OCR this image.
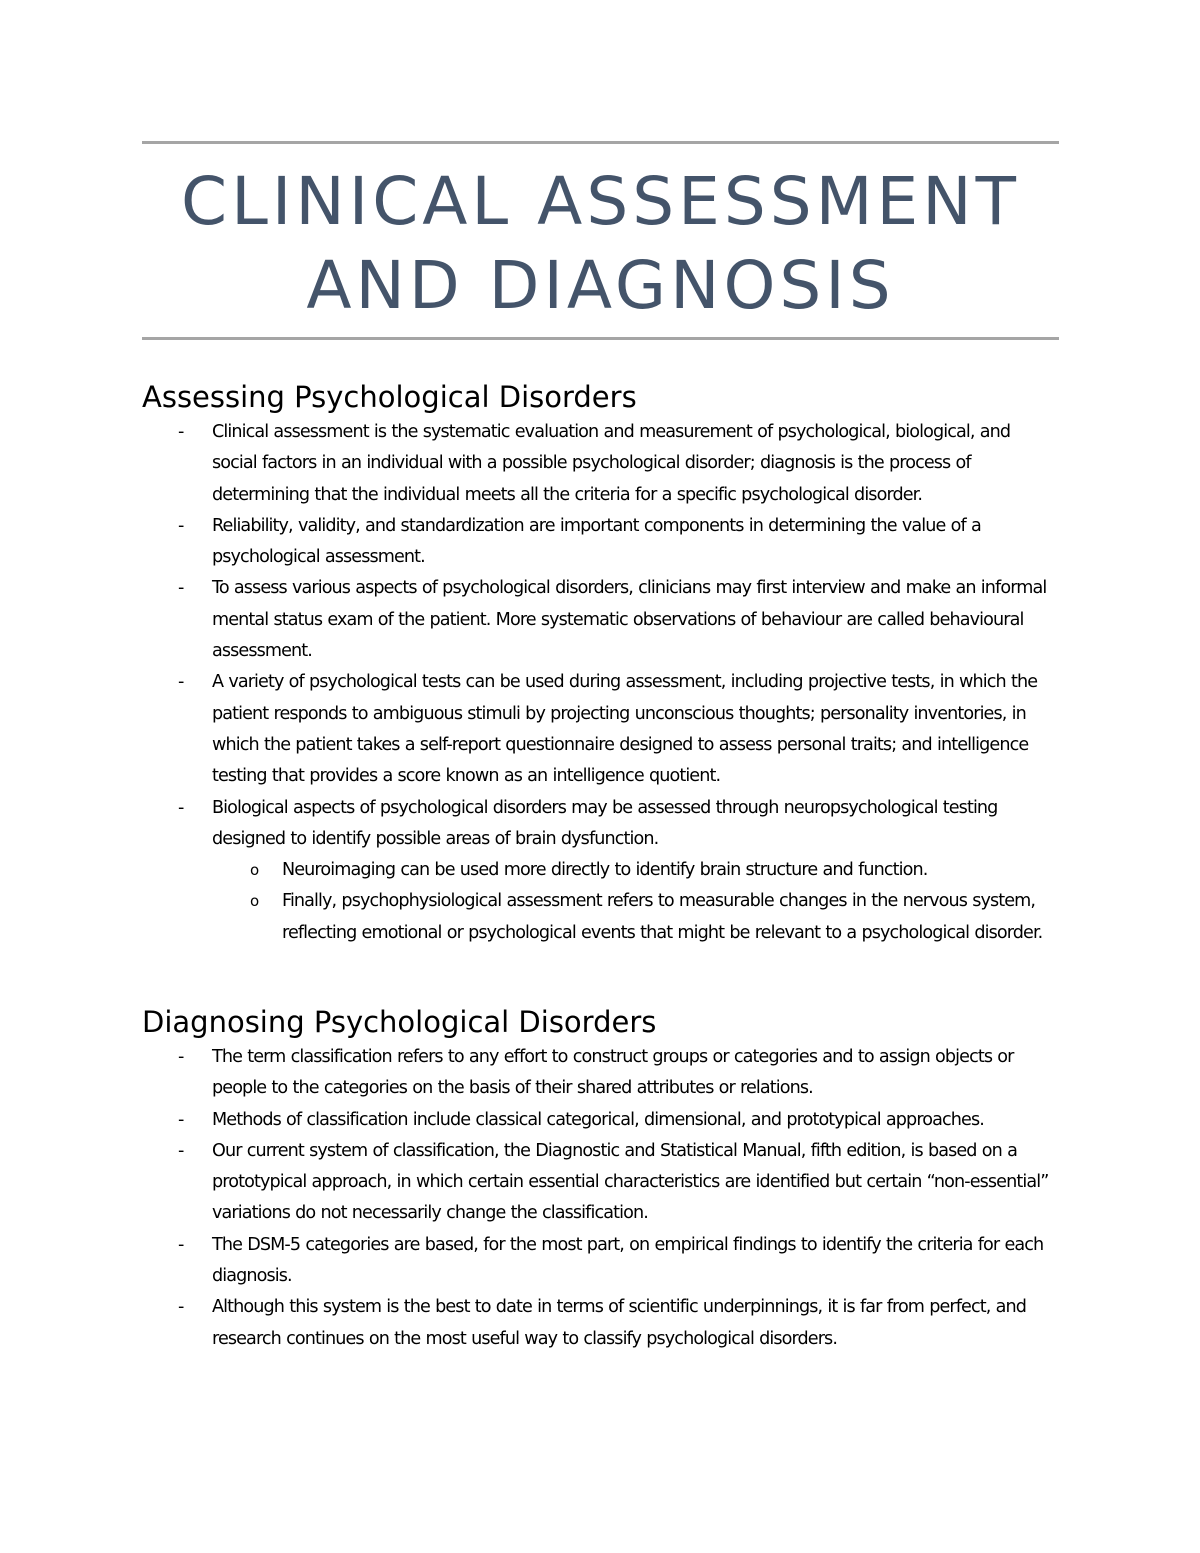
CLINICAL ASSESSMENT
AND DIAGNOSIS
Assessing Psychological Disorders
- Clinical assessment is the systematic evaluation and measurement of psychological, biological, and social factors in an individual with a possible psychological disorder; diagnosis is the process of determining that the individual meets all the criteria for a specific psychological disorder.
- Reliability, validity, and standardization are important components in determining the value of a psychological assessment.
- To assess various aspects of psychological disorders, clinicians may first interview and make an informal mental status exam of the patient. More systematic observations of behaviour are called behavioural assessment.
- A variety of psychological tests can be used during assessment, including projective tests, in which the patient responds to ambiguous stimuli by projecting unconscious thoughts; personality inventories, in which the patient takes a self-report questionnaire designed to assess personal traits; and intelligence testing that provides a score known as an intelligence quotient.
- Biological aspects of psychological disorders may be assessed through neuropsychological testing designed to identify possible areas of brain dysfunction.
o Neuroimaging can be used more directly to identify brain structure and function.
o Finally, psychophysiological assessment refers to measurable changes in the nervous system, reflecting emotional or psychological events that might be relevant to a psychological disorder.
Diagnosing Psychological Disorders
- The term classification refers to any effort to construct groups or categories and to assign objects or people to the categories on the basis of their shared attributes or relations.
- Methods of classification include classical categorical, dimensional, and prototypical approaches.
- Our current system of classification, the Diagnostic and Statistical Manual, fifth edition, is based on a prototypical approach, in which certain essential characteristics are identified but certain “non-essential” variations do not necessarily change the classification.
- The DSM-5 categories are based, for the most part, on empirical findings to identify the criteria for each diagnosis.
- Although this system is the best to date in terms of scientific underpinnings, it is far from perfect, and research continues on the most useful way to classify psychological disorders.
